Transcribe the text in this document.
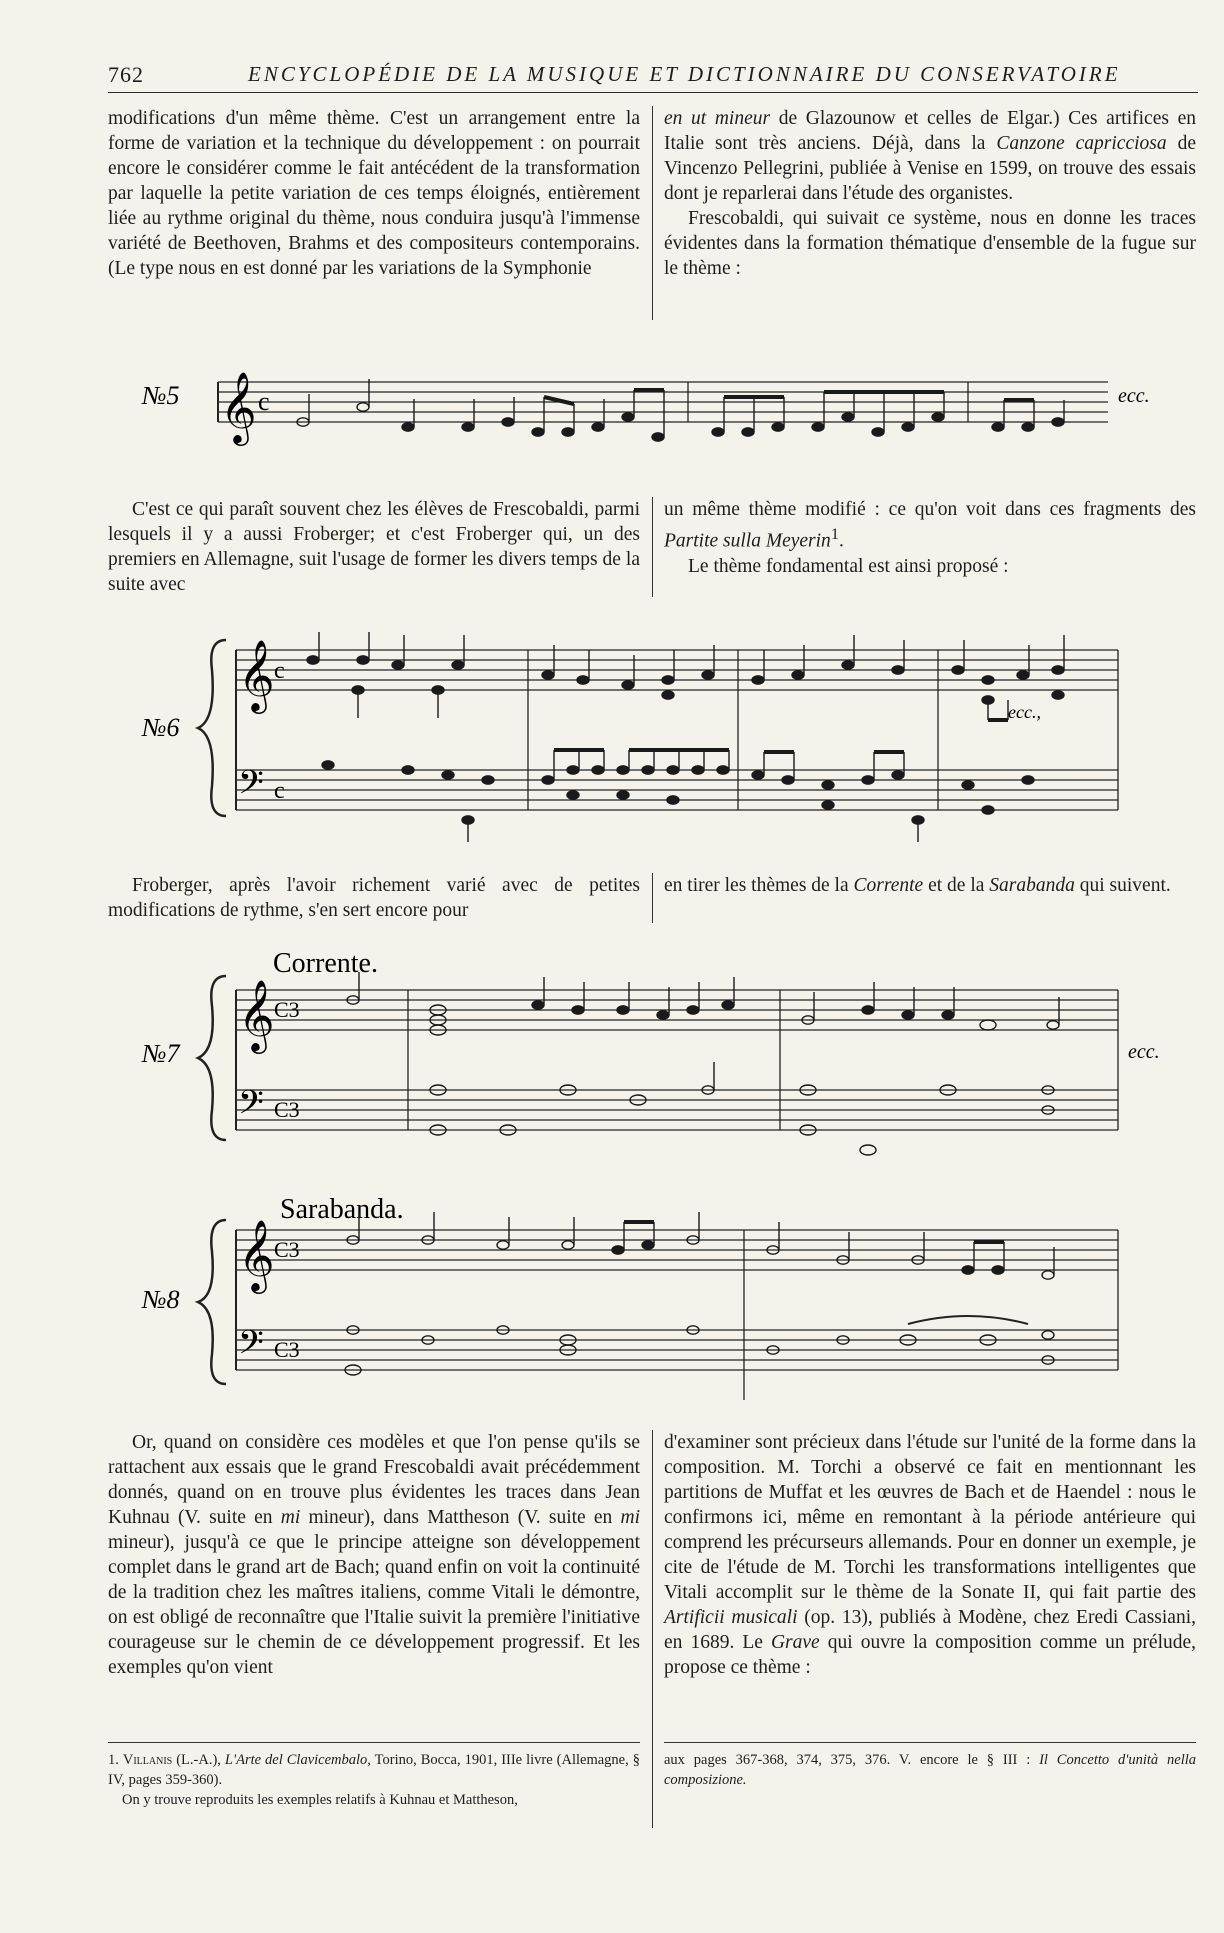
762	ENCYCLOPÉDIE DE LA MUSIQUE ET DICTIONNAIRE DU CONSERVATOIRE

modifications d'un même thème. C'est un arrangement entre la forme de variation et la technique du développement : on pourrait encore le considérer comme le fait antécédent de la transformation par laquelle la petite variation de ces temps éloignés, entièrement liée au rythme original du thème, nous conduira jusqu'à l'immense variété de Beethoven, Brahms et des compositeurs contemporains. (Le type nous en est donné par les variations de la Symphonie

en ut mineur de Glazounow et celles de Elgar.) Ces artifices en Italie sont très anciens. Déjà, dans la Canzone capricciosa de Vincenzo Pellegrini, publiée à Venise en 1599, on trouve des essais dont je reparlerai dans l'étude des organistes.

Frescobaldi, qui suivait ce système, nous en donne les traces évidentes dans la formation thématique d'ensemble de la fugue sur le thème :

№5 𝄞 c	ecc.

C'est ce qui paraît souvent chez les élèves de Frescobaldi, parmi lesquels il y a aussi Froberger; et c'est Froberger qui, un des premiers en Allemagne, suit l'usage de former les divers temps de la suite avec

un même thème modifié : ce qu'on voit dans ces fragments des Partite sulla Meyerin$^1$.

Le thème fondamental est ainsi proposé :

№6
𝄞
𝄢
c
c
ecc.,

Froberger, après l'avoir richement varié avec de petites modifications de rythme, s'en sert encore pour

en tirer les thèmes de la Corrente et de la Sarabanda qui suivent.

Corrente.
№7
𝄞
𝄢
C3
C3
ecc.
Sarabanda.
№8
𝄞
𝄢
C3
C3

Or, quand on considère ces modèles et que l'on pense qu'ils se rattachent aux essais que le grand Frescobaldi avait précédemment donnés, quand on en trouve plus évidentes les traces dans Jean Kuhnau (V. suite en mi mineur), dans Mattheson (V. suite en mi mineur), jusqu'à ce que le principe atteigne son développement complet dans le grand art de Bach; quand enfin on voit la continuité de la tradition chez les maîtres italiens, comme Vitali le démontre, on est obligé de reconnaître que l'Italie suivit la première l'initiative courageuse sur le chemin de ce développement progressif. Et les exemples qu'on vient

d'examiner sont précieux dans l'étude sur l'unité de la forme dans la composition. M. Torchi a observé ce fait en mentionnant les partitions de Muffat et les œuvres de Bach et de Haendel : nous le confirmons ici, même en remontant à la période antérieure qui comprend les précurseurs allemands. Pour en donner un exemple, je cite de l'étude de M. Torchi les transformations intelligentes que Vitali accomplit sur le thème de la Sonate II, qui fait partie des Artificii musicali (op. 13), publiés à Modène, chez Eredi Cassiani, en 1689. Le Grave qui ouvre la composition comme un prélude, propose ce thème :

1. Villanis (L.-A.), L'Arte del Clavicembalo, Torino, Bocca, 1901, IIIe livre (Allemagne, § IV, pages 359-360).

On y trouve reproduits les exemples relatifs à Kuhnau et Mattheson,

aux pages 367-368, 374, 375, 376. V. encore le § III : Il Concetto d'unità nella composizione.
